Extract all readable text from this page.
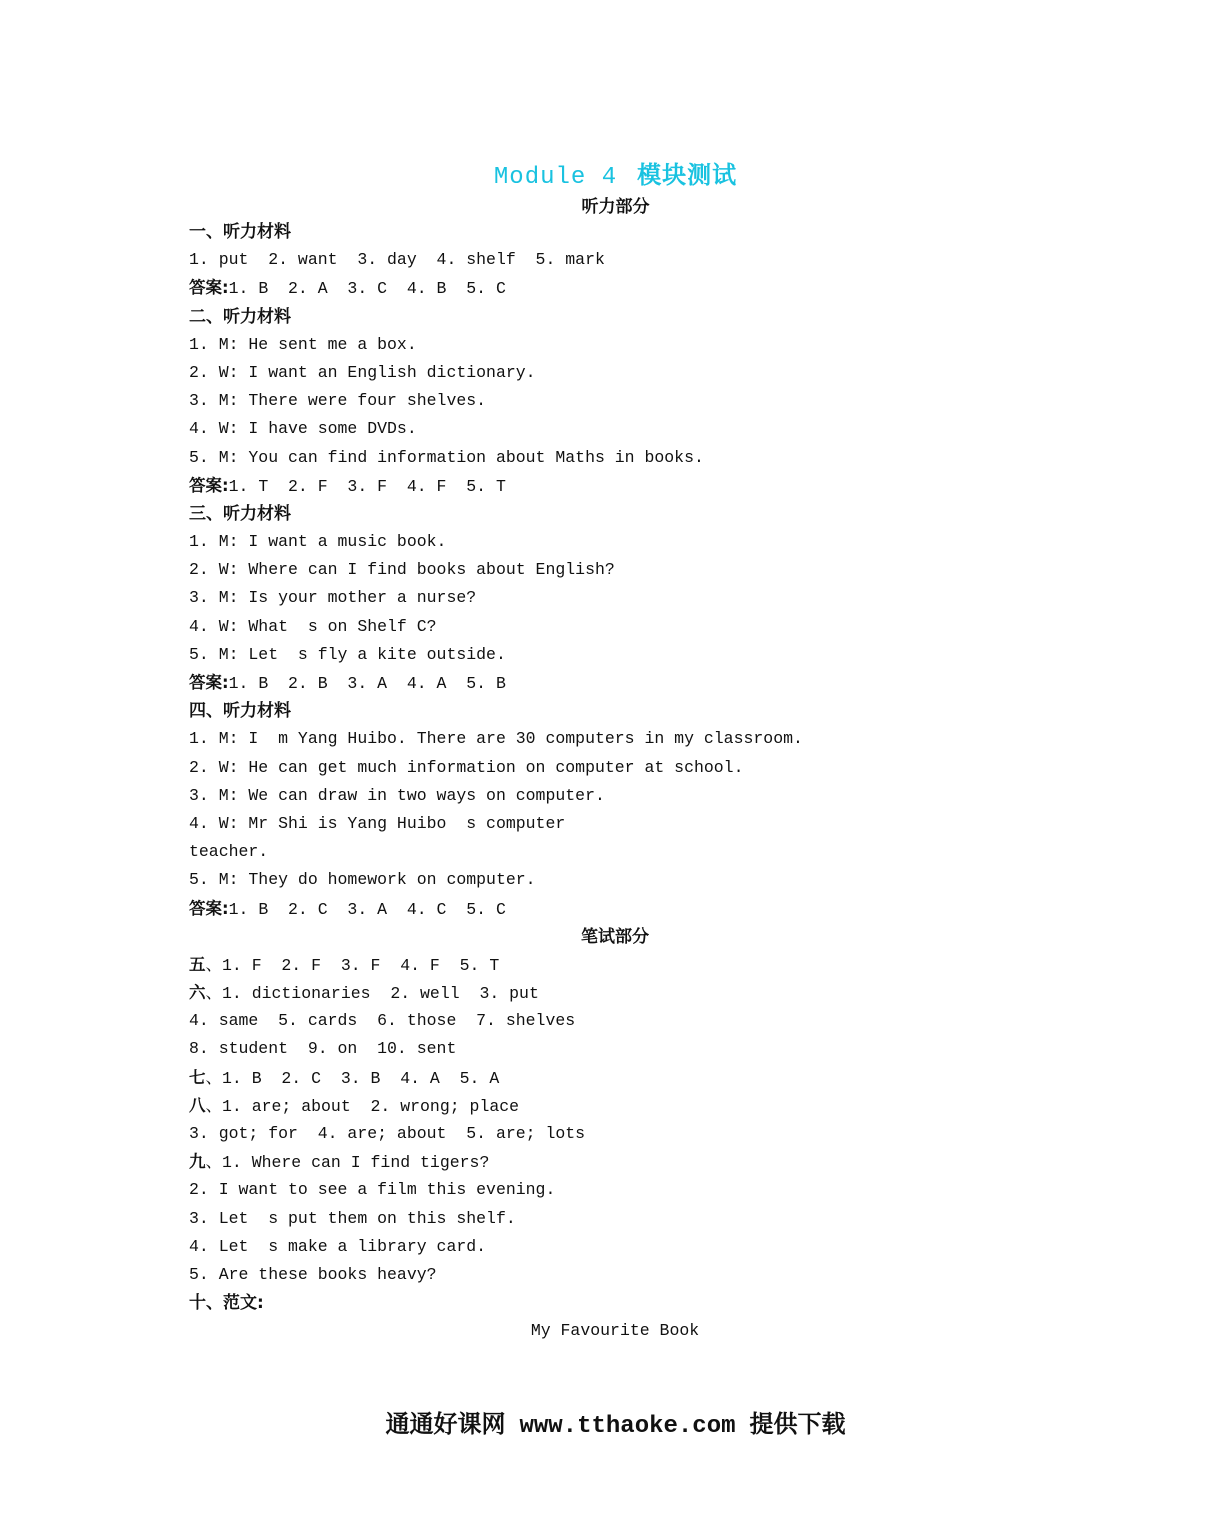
Module 4 模块测试
听力部分
一、听力材料
1. put  2. want  3. day  4. shelf  5. mark
答案:1. B  2. A  3. C  4. B  5. C
二、听力材料
1. M: He sent me a box.
2. W: I want an English dictionary.
3. M: There were four shelves.
4. W: I have some DVDs.
5. M: You can find information about Maths in books.
答案:1. T  2. F  3. F  4. F  5. T
三、听力材料
1. M: I want a music book.
2. W: Where can I find books about English?
3. M: Is your mother a nurse?
4. W: What  s on Shelf C?
5. M: Let  s fly a kite outside.
答案:1. B  2. B  3. A  4. A  5. B
四、听力材料
1. M: I  m Yang Huibo. There are 30 computers in my classroom.
2. W: He can get much information on computer at school.
3. M: We can draw in two ways on computer.
4. W: Mr Shi is Yang Huibo  s computer
teacher.
5. M: They do homework on computer.
答案:1. B  2. C  3. A  4. C  5. C
笔试部分
五、1. F  2. F  3. F  4. F  5. T
六、1. dictionaries  2. well  3. put
4. same  5. cards  6. those  7. shelves
8. student  9. on  10. sent
七、1. B  2. C  3. B  4. A  5. A
八、1. are; about  2. wrong; place
3. got; for  4. are; about  5. are; lots
九、1. Where can I find tigers?
2. I want to see a film this evening.
3. Let  s put them on this shelf.
4. Let  s make a library card.
5. Are these books heavy?
十、范文:
My Favourite Book
通通好课网 www.tthaoke.com 提供下载
